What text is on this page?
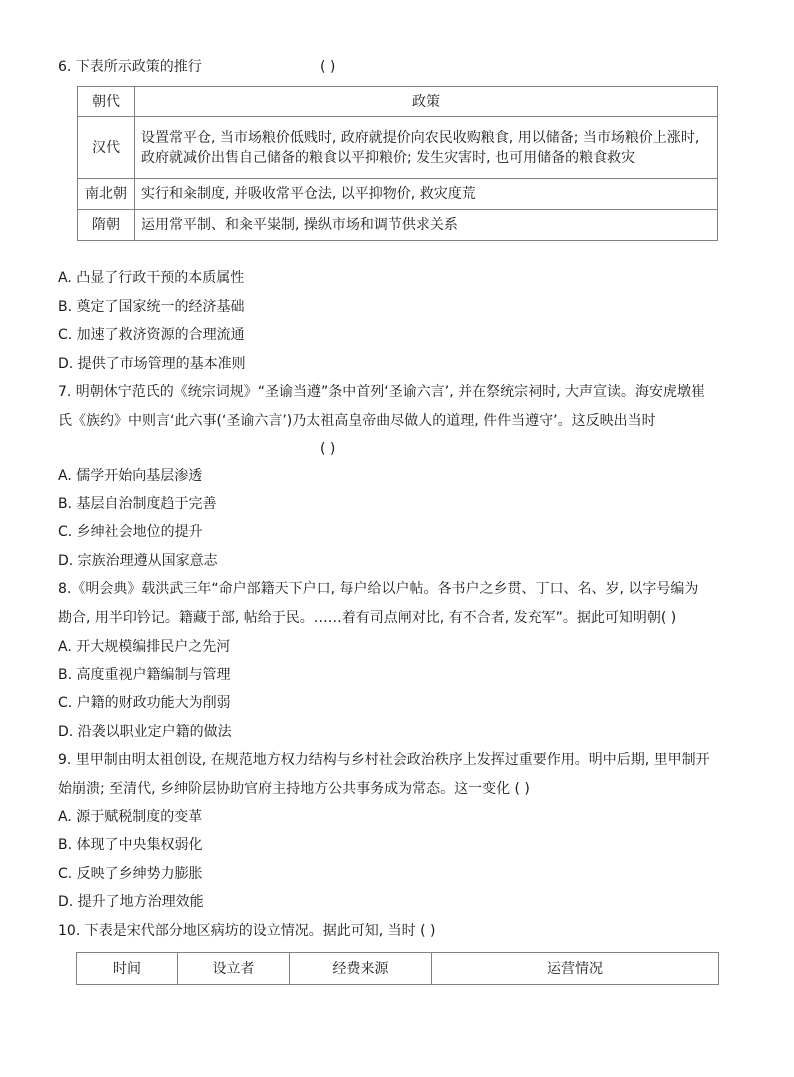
6. 下表所示政策的推行	( )
朝代	政策
汉代	设置常平仓, 当市场粮价低贱时, 政府就提价向农民收购粮食, 用以储备; 当市场粮价上涨时,
政府就减价出售自己储备的粮食以平抑粮价; 发生灾害时, 也可用储备的粮食救灾

南北朝	实行和籴制度, 并吸收常平仓法, 以平抑物价, 救灾度荒
隋朝	运用常平制、和籴平粜制, 操纵市场和调节供求关系
A. 凸显了行政干预的本质属性
B. 奠定了国家统一的经济基础
C. 加速了救济资源的合理流通
D. 提供了市场管理的基本准则
7. 明朝休宁范氏的《统宗词规》“圣谕当遵”条中首列‘圣谕六言’, 并在祭统宗祠时, 大声宣读。海安虎墩崔
氏《族约》中则言‘此六事(‘圣谕六言’)乃太祖高皇帝曲尽做人的道理, 件件当遵守’。这反映出当时
( )
A. 儒学开始向基层渗透
B. 基层自治制度趋于完善
C. 乡绅社会地位的提升
D. 宗族治理遵从国家意志
8.《明会典》载洪武三年“命户部籍天下户口, 每户给以户帖。各书户之乡贯、丁口、名、岁, 以字号编为
勘合, 用半印钤记。籍藏于部, 帖给于民。……着有司点闸对比, 有不合者, 发充军”。据此可知明朝( )
A. 开大规模编排民户之先河
B. 高度重视户籍编制与管理
C. 户籍的财政功能大为削弱
D. 沿袭以职业定户籍的做法
9. 里甲制由明太祖创设, 在规范地方权力结构与乡村社会政治秩序上发挥过重要作用。明中后期, 里甲制开
始崩溃; 至清代, 乡绅阶层协助官府主持地方公共事务成为常态。这一变化 ( )
A. 源于赋税制度的变革
B. 体现了中央集权弱化
C. 反映了乡绅势力膨胀
D. 提升了地方治理效能
10. 下表是宋代部分地区病坊的设立情况。据此可知, 当时 ( )
时间	设立者	经费来源	运营情况
